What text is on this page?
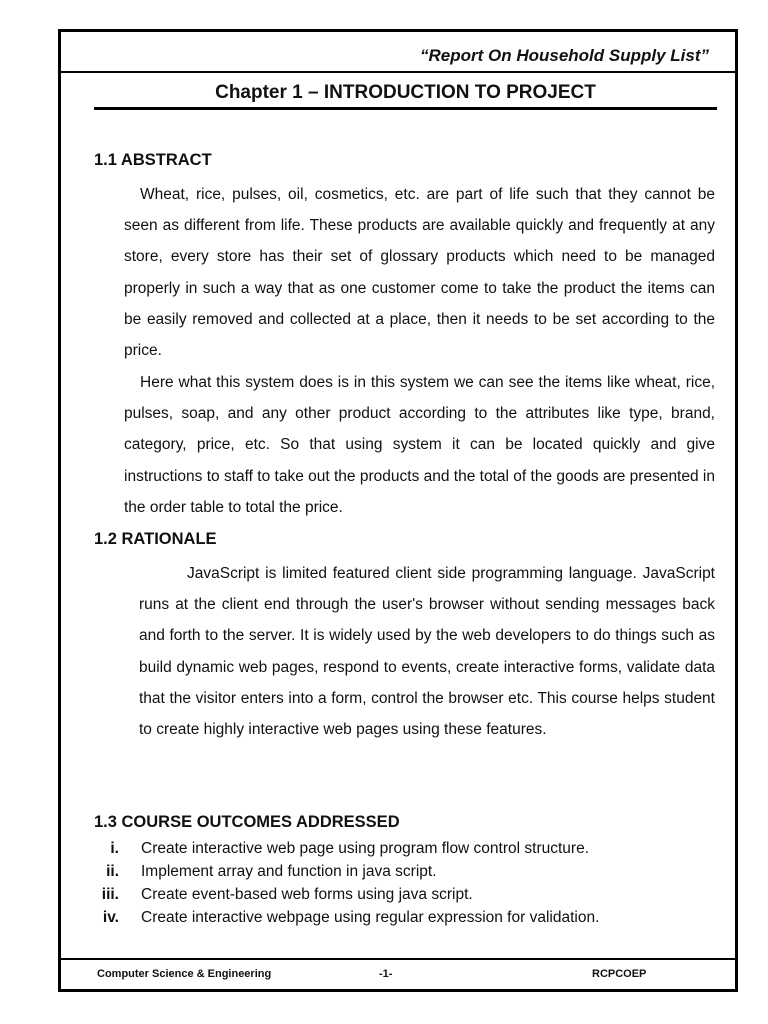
“Report On Household Supply List”
Chapter 1 – INTRODUCTION TO PROJECT
1.1 ABSTRACT

Wheat, rice, pulses, oil, cosmetics, etc. are part of life such that they cannot be seen as different from life. These products are available quickly and frequently at any store, every store has their set of glossary products which need to be managed properly in such a way that as one customer come to take the product the items can be easily removed and collected at a place, then it needs to be set according to the price.

Here what this system does is in this system we can see the items like wheat, rice, pulses, soap, and any other product according to the attributes like type, brand, category, price, etc. So that using system it can be located quickly and give instructions to staff to take out the products and the total of the goods are presented in the order table to total the price.

1.2 RATIONALE

JavaScript is limited featured client side programming language. JavaScript runs at the client end through the user's browser without sending messages back and forth to the server. It is widely used by the web developers to do things such as build dynamic web pages, respond to events, create interactive forms, validate data that the visitor enters into a form, control the browser etc. This course helps student to create highly interactive web pages using these features.

1.3 COURSE OUTCOMES ADDRESSED
i. Create interactive web page using program flow control structure.
ii. Implement array and function in java script.
iii. Create event-based web forms using java script.
iv. Create interactive webpage using regular expression for validation.
Computer Science & Engineering	-1-	RCPCOEP
